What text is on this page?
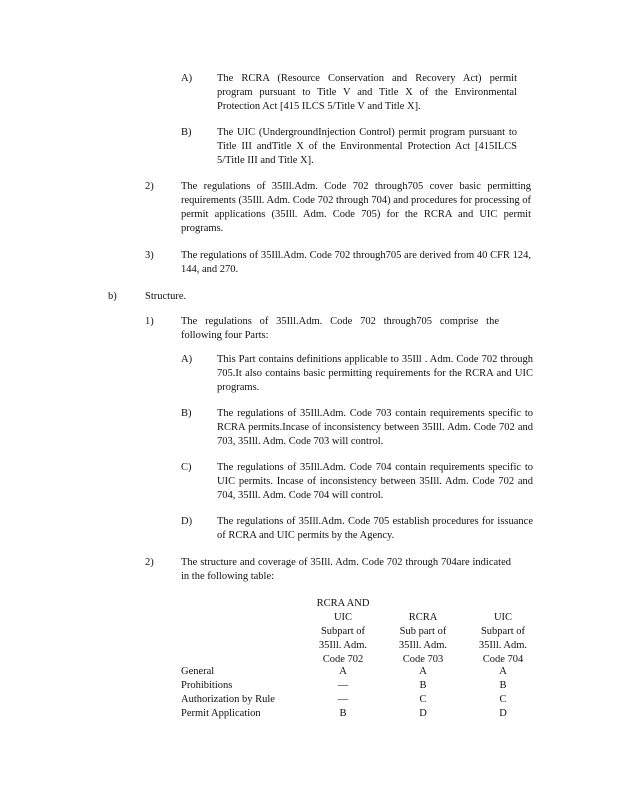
A) The RCRA (Resource Conservation and Recovery Act) permit program pursuant to Title V and Title X of the Environmental Protection Act [415 ILCS 5/Title V and Title X].
B) The UIC (UndergroundInjection Control) permit program pursuant to Title III andTitle X of the Environmental Protection Act [415ILCS 5/Title III and Title X].
2)	The regulations of 35Ill.Adm. Code 702 through705 cover basic permitting requirements (35Ill. Adm. Code 702 through 704) and procedures for processing of permit applications (35Ill. Adm. Code 705) for the RCRA and UIC permit programs.
3)	The regulations of 35Ill.Adm. Code 702 through705 are derived from 40 CFR 124, 144, and 270.
b)	Structure.
1)	The regulations of 35Ill.Adm. Code 702 through705 comprise the following four Parts:
A) This Part contains definitions applicable to 35Ill . Adm. Code 702 through 705.It also contains basic permitting requirements for the RCRA and UIC programs.
B) The regulations of 35Ill.Adm. Code 703 contain requirements specific to RCRA permits.Incase of inconsistency between 35Ill. Adm. Code 702 and 703, 35Ill. Adm. Code 703 will control.
C) The regulations of 35Ill.Adm. Code 704 contain requirements specific to UIC permits. Incase of inconsistency between 35Ill. Adm. Code 702 and 704, 35Ill. Adm. Code 704 will control.
D) The regulations of 35Ill.Adm. Code 705 establish procedures for issuance of RCRA and UIC permits by the Agency.
2)	The structure and coverage of 35Ill. Adm. Code 702 through 704are indicated in the following table:
RCRA AND
UIC
Subpart of
35Ill. Adm.
Code 702
RCRA
Sub part of
35Ill. Adm.
Code 703
UIC
Subpart of
35Ill. Adm.
Code 704
General	A	A	A
Prohibitions	—	B	B
Authorization by Rule	—	C	C
Permit Application	B	D	D
